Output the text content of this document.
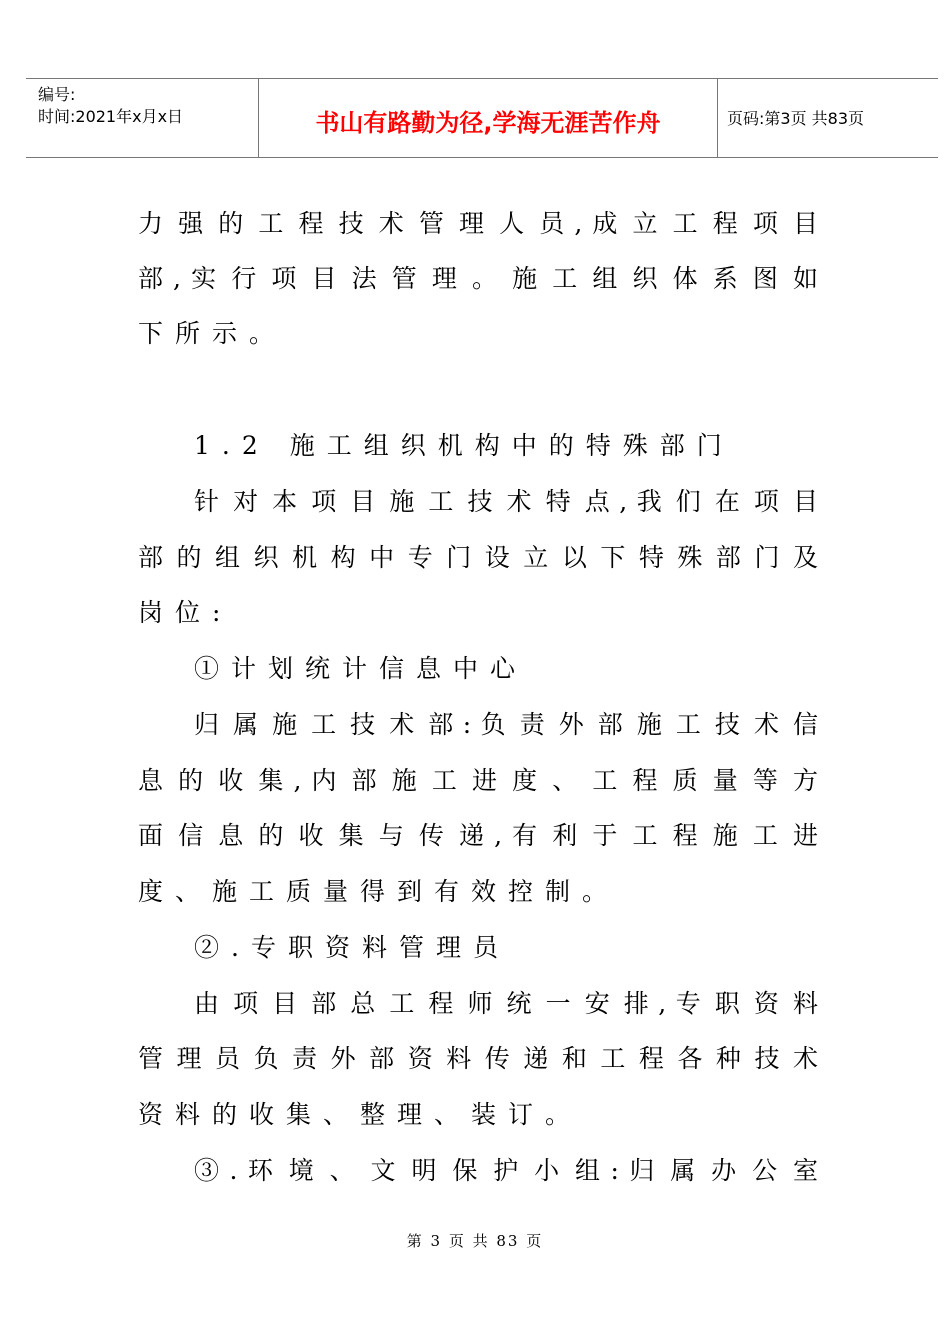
编号:
时间:2021年x月x日	书山有路勤为径,学海无涯苦作舟	页码:第3页 共83页
力 强 的 工 程 技 术 管 理 人 员 , 成 立 工 程 项 目
部 , 实 行 项 目 法 管 理 。 施 工 组 织 体 系 图 如
下所示。
1.2 施工组织机构中的特殊部门
针 对 本 项 目 施 工 技 术 特 点 , 我 们 在 项 目
部 的 组 织 机 构 中 专 门 设 立 以 下 特 殊 部 门 及
岗位:
①计划统计信息中心
归 属 施 工 技 术 部 : 负 责 外 部 施 工 技 术 信
息 的 收 集 , 内 部 施 工 进 度 、 工 程 质 量 等 方
面 信 息 的 收 集 与 传 递 , 有 利 于 工 程 施 工 进
度、施工质量得到有效控制。
②.专职资料管理员
由 项 目 部 总 工 程 师 统 一 安 排 , 专 职 资 料
管 理 员 负 责 外 部 资 料 传 递 和 工 程 各 种 技 术
资料的收集、整理、装订。
③ . 环 境 、 文 明 保 护 小 组 : 归 属 办 公 室
第 3 页 共 83 页
